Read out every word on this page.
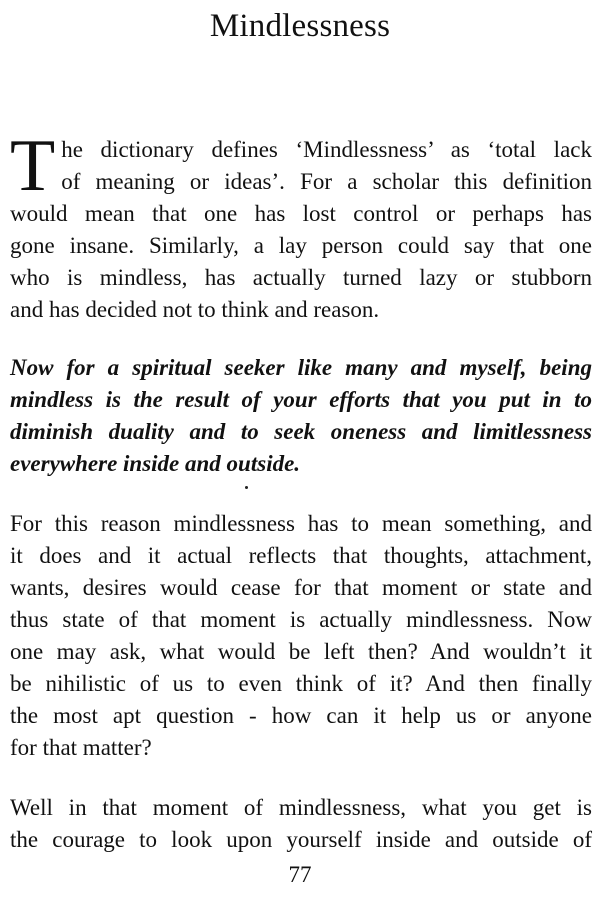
Mindlessness

T he dictionary defines ‘Mindlessness’ as ‘total lack
of meaning or ideas’. For a scholar this definition
would mean that one has lost control or perhaps has
gone insane. Similarly, a lay person could say that one
who is mindless, has actually turned lazy or stubborn
and has decided not to think and reason.

Now for a spiritual seeker like many and myself, being
mindless is the result of your efforts that you put in to
diminish duality and to seek oneness and limitlessness
everywhere inside and outside.

For this reason mindlessness has to mean something, and
it does and it actual reflects that thoughts, attachment,
wants, desires would cease for that moment or state and
thus state of that moment is actually mindlessness. Now
one may ask, what would be left then? And wouldn’t it
be nihilistic of us to even think of it? And then finally
the most apt question - how can it help us or anyone
for that matter?

Well in that moment of mindlessness, what you get is
the courage to look upon yourself inside and outside of

77
